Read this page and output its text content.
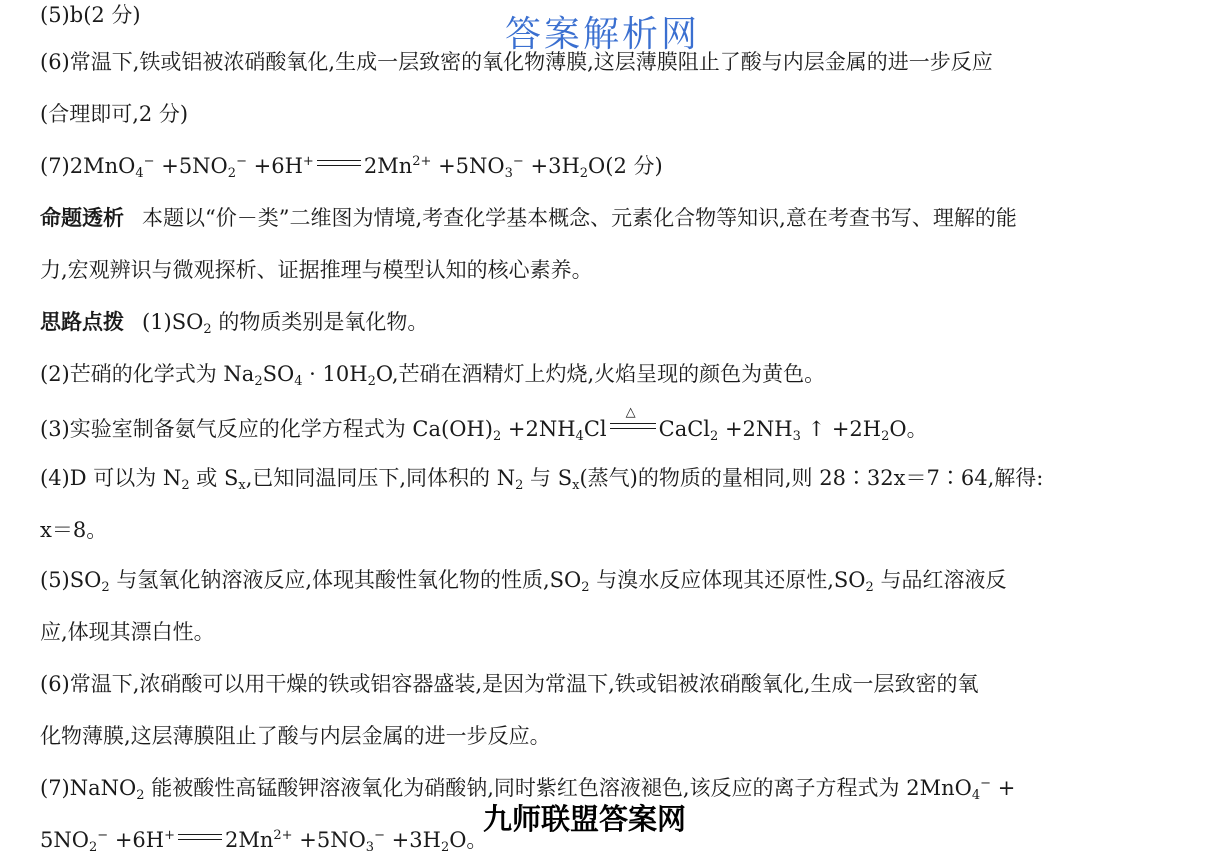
答案解析网
(5)b(2 分)
(6)常温下,铁或铝被浓硝酸氧化,生成一层致密的氧化物薄膜,这层薄膜阻止了酸与内层金属的进一步反应
(合理即可,2 分)
$(7)2MnO_4^- +5NO_2^- +6H^+$ $2Mn^{2+} +5NO_3^- +3H_2O(2$ 分)
命题透析 本题以“价－类”二维图为情境,考查化学基本概念、元素化合物等知识,意在考查书写、理解的能
力,宏观辨识与微观探析、证据推理与模型认知的核心素养。
思路点拨 $(1)SO_2$ 的物质类别是氧化物。
(2)芒硝的化学式为 $Na_2SO_4 \cdot 10H_2O$,芒硝在酒精灯上灼烧,火焰呈现的颜色为黄色。
(3)实验室制备氨气反应的化学方程式为 $Ca(OH)_2 +2NH_4Cl$
△
CaCl$_2$ $+2NH_3$ ↑ $+2H_2O$。
(4)D 可以为 $N_2$ 或 $S_x$,已知同温同压下,同体积的 $N_2$ 与 $S_x$(蒸气)的物质的量相同,则 28∶32x＝7∶64,解得:
x＝8。
$(5)SO_2$ 与氢氧化钠溶液反应,体现其酸性氧化物的性质$,SO_2$ 与溴水反应体现其还原性$,SO_2$ 与品红溶液反
应,体现其漂白性。
(6)常温下,浓硝酸可以用干燥的铁或铝容器盛装,是因为常温下,铁或铝被浓硝酸氧化,生成一层致密的氧
化物薄膜,这层薄膜阻止了酸与内层金属的进一步反应。
(7)NaNO$_2$ 能被酸性高锰酸钾溶液氧化为硝酸钠,同时紫红色溶液褪色,该反应的离子方程式为 2MnO$_4$− +
$5NO_2^- +6H^+$ $2Mn^{2+} +5NO_3^- +3H_2O$。
九师联盟答案网
